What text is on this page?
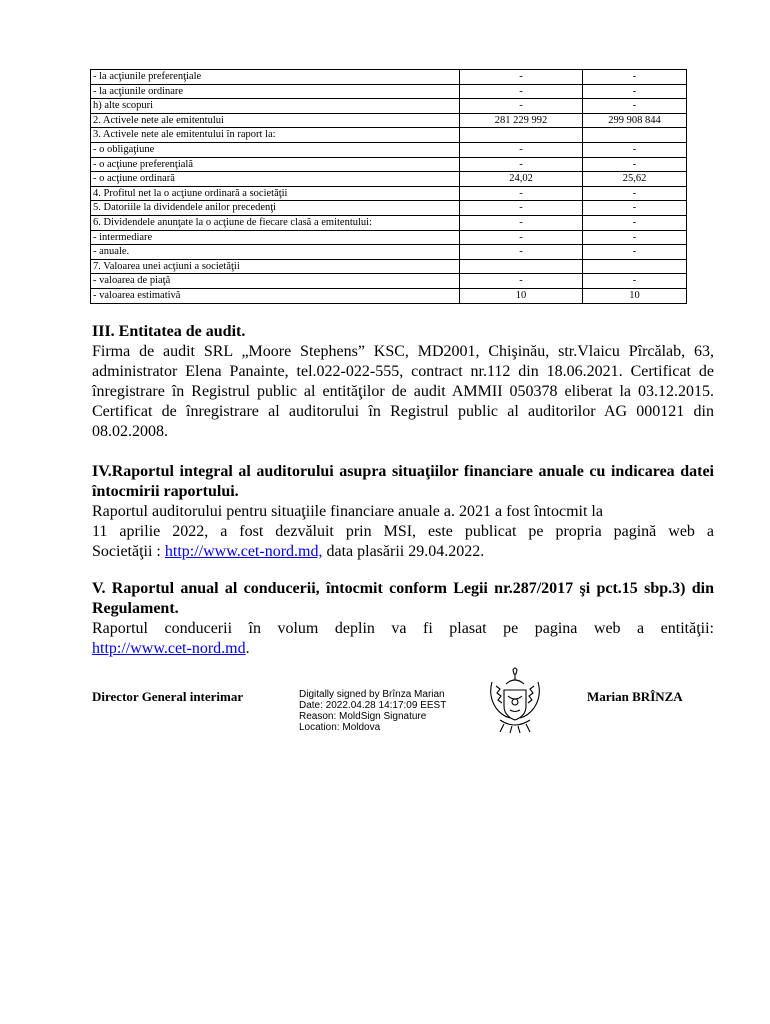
- la acţiunile preferenţiale	-	-
- la acţiunile ordinare	-	-
h) alte scopuri	-	-
2. Activele nete ale emitentului	281 229 992	299 908 844
3. Activele nete ale emitentului în raport la:		
- o obligaţiune	-	-
- o acţiune preferenţială	-	-
- o acţiune ordinară	24,02	25,62
4. Profitul net la o acţiune ordinară a societăţii	-	-
5. Datoriile la dividendele anilor precedenţi	-	-
6. Dividendele anunţate la o acţiune de fiecare clasă a emitentului:	-	-
- intermediare	-	-
- anuale.	-	-
7. Valoarea unei acţiuni a societăţii		
- valoarea de piaţă	-	-
- valoarea estimativă	10	10

III. Entitatea de audit.

Firma de audit SRL „Moore Stephens” KSC, MD2001, Chişinău, str.Vlaicu Pîrcălab, 63, administrator Elena Panainte, tel.022-022-555, contract nr.112 din 18.06.2021. Certificat de înregistrare în Registrul public al entităţilor de audit AMMII 050378 eliberat la 03.12.2015. Certificat de înregistrare al auditorului în Registrul public al auditorilor AG 000121 din 08.02.2008.

IV.Raportul integral al auditorului asupra situaţiilor financiare anuale cu indicarea datei întocmirii raportului.

Raportul auditorului pentru situaţiile financiare anuale a. 2021 a fost întocmit la

11 aprilie 2022, a fost dezvăluit prin MSI, este publicat pe propria pagină web a

Societăţii : http://www.cet-nord.md, data plasării 29.04.2022.

V. Raportul anual al conducerii, întocmit conform Legii nr.287/2017 şi pct.15 sbp.3) din Regulament.

Raportul conducerii în volum deplin va fi plasat pe pagina web a entităţii:

http://www.cet-nord.md.

Director General interimar	Digitally signed by Brînza Marian
Date: 2022.04.28 14:17:09 EEST
Reason: MoldSign Signature
Location: Moldova
Marian BRÎNZA
